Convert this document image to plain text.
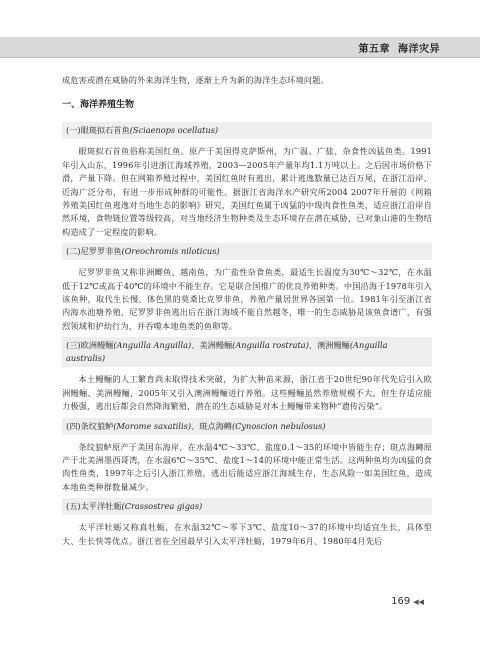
第五章 海洋灾异

成危害或潜在威胁的外来海洋生物，逐渐上升为新的海洋生态环境问题。

一、海洋养殖生物
(一)眼斑拟石首鱼(Sciaenops ocellatus)

眼斑拟石首鱼俗称美国红鱼。原产于美国得克萨斯州，为广温、广盐、杂食性凶猛鱼类。1991年引入山东，1996年引进浙江海域养殖，2003—2005年产量年均1.1万吨以上。之后因市场价格下滑，产量下降。但在网箱养殖过程中，美国红鱼时有逃出，累计逃逸数量已达百万尾，在浙江沿岸、近海广泛分布，有进一步形成种群的可能性。据浙江省海洋水产研究所2004 2007年开展的《网箱养殖美国红鱼逃逸对当地生态的影响》研究，美国红鱼属于凶猛的中级肉食性鱼类，适应浙江沿岸自然环境，食物链位置等级较高，对当地经济生物种类及生态环境存在潜在威胁，已对象山港的生物结构造成了一定程度的影响。

(二)尼罗罗非鱼(Oreochromis niloticus)

尼罗罗非鱼又称非洲鲫鱼、越南鱼，为广盐性杂食鱼类，最适生长温度为30℃～32℃，在水温低于12℃或高于40℃的环境中不能生存。它是联合国推广的优良养殖种类。中国沿海于1978年引入该鱼种，取代生长慢、体色黑的莫桑比克罗非鱼，养殖产量居世界各国第一位。1981年引至浙江省内海水池塘养殖，尼罗罗非鱼逃出后在浙江海域不能自然越冬，唯一的生态威胁是该鱼食谱广，有强烈领域和护幼行为，并吞噬本地鱼类的鱼卵等。

(三)欧洲鳗鲡(Anguilla Anguilla)、美洲鳗鲡(Anguilla rostrata)、澳洲鳗鲡(Anguilla australis)

本土鳗鲡的人工繁育尚未取得技术突破，为扩大种苗来源，浙江省于20世纪90年代先后引入欧洲鳗鲡、美洲鳗鲡，2005年又引入澳洲鳗鲡进行养殖。这些鳗鲡虽然养殖规模不大，但生存适应能力极强，逃出后都会自然降海繁殖，潜在的生态威胁是对本土鳗鲡带来物种“遗传污染”。

(四)条纹狼鲈(Morome saxatilis)、斑点海鳟(Cynoscion nebulosus)

条纹狼鲈原产于美国东海岸，在水温4℃～33℃、盐度0.1～35的环境中皆能生存；斑点海鳟原产于北美洲墨西哥湾，在水温6℃～35℃、盐度1～14的环境中能正常生活。这两种鱼均为凶猛的食肉性鱼类，1997年之后引入浙江养殖，逃出后能适应浙江海域生存，生态风险一如美国红鱼，造成本地鱼类种群数量减少。

(五)太平洋牡蛎(Crassostrea gigas)

太平洋牡蛎又称真牡蛎，在水温32℃～零下3℃、盐度10～37的环境中均适宜生长，具体型大、生长快等优点。浙江省在全国最早引入太平洋牡蛎，1979年6月、1980年4月先后

169 ◀◀
